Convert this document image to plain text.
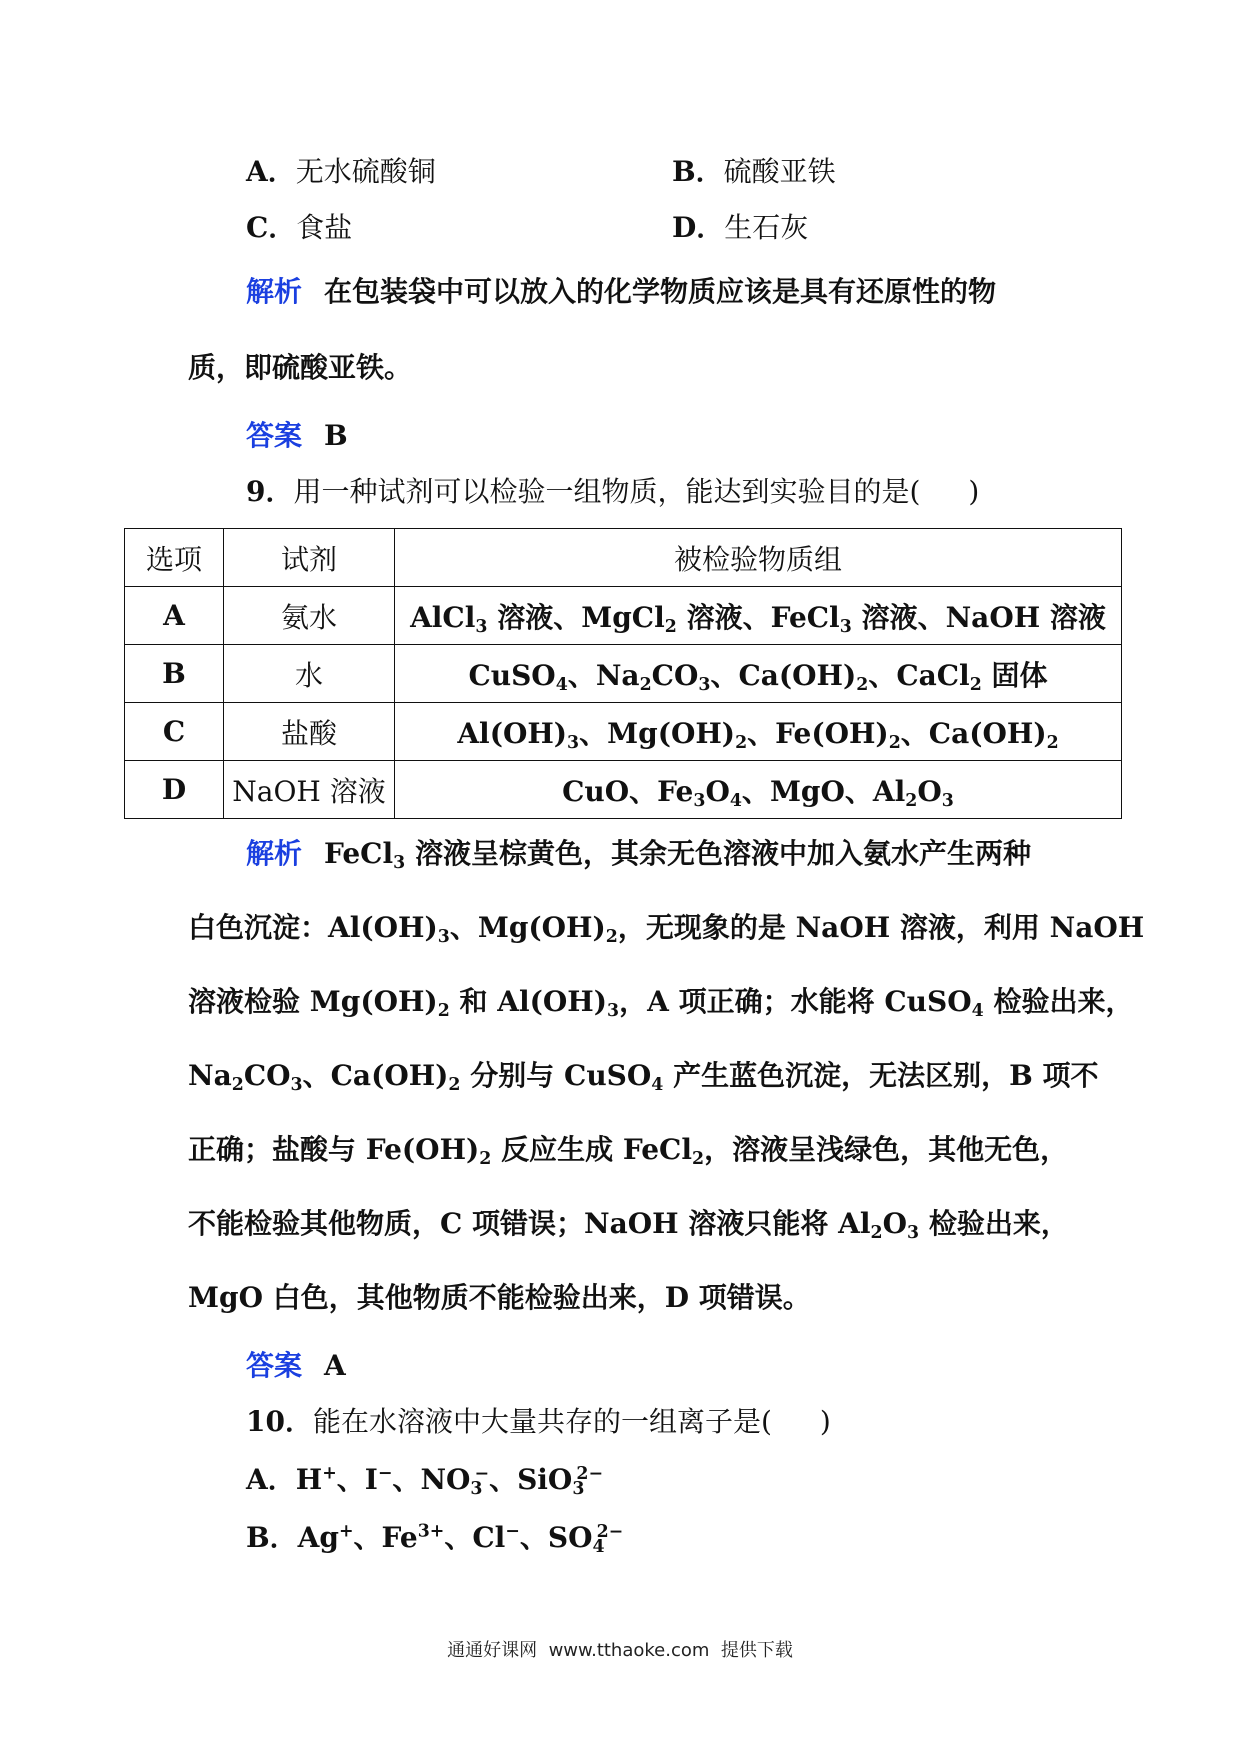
A．无水硫酸铜	B．硫酸亚铁
C．食盐	D．生石灰
解析 在包装袋中可以放入的化学物质应该是具有还原性的物
质，即硫酸亚铁。
答案 B
9．用一种试剂可以检验一组物质，能达到实验目的是( )
选项	试剂	被检验物质组
A	氨水	AlCl$_3$ 溶液、MgCl$_2$ 溶液、FeCl$_3$ 溶液、NaOH 溶液
B	水	CuSO$_4$、$Na_2CO_3$、$Ca(OH)_2$、CaCl$_2$ 固体
C	盐酸	$Al(OH)_3$、$Mg(OH)_2$、$Fe(OH)_2$、$Ca(OH)_2$
D	NaOH 溶液	CuO、$Fe_3O_4$、MgO、$Al_2O_3$
解析 FeCl$_3$ 溶液呈棕黄色，其余无色溶液中加入氨水产生两种
白色沉淀：$Al(OH)_3$、$Mg(OH)_2$，无现象的是 NaOH 溶液，利用 NaOH
溶液检验 $Mg(OH)_2$ 和 $Al(OH)_3$，A 项正确；水能将 CuSO$_4$ 检验出来，
$Na_2CO_3$、$Ca(OH)_2$ 分别与 CuSO$_4$ 产生蓝色沉淀，无法区别，B 项不
正确；盐酸与 $Fe(OH)_2$ 反应生成 FeCl$_2$，溶液呈浅绿色，其他无色，
不能检验其他物质，C 项错误；NaOH 溶液只能将 $Al_2O_3$ 检验出来，
MgO 白色，其他物质不能检验出来，D 项错误。
答案 A
10．能在水溶液中大量共存的一组离子是( )
A．H+、I−、$NO_3^-$、SiO$_3^{2-}$
B．Ag+、$Fe^{3+}$、Cl−、$SO_4^{2-}$
通通好课网 www.tthaoke.com 提供下载
